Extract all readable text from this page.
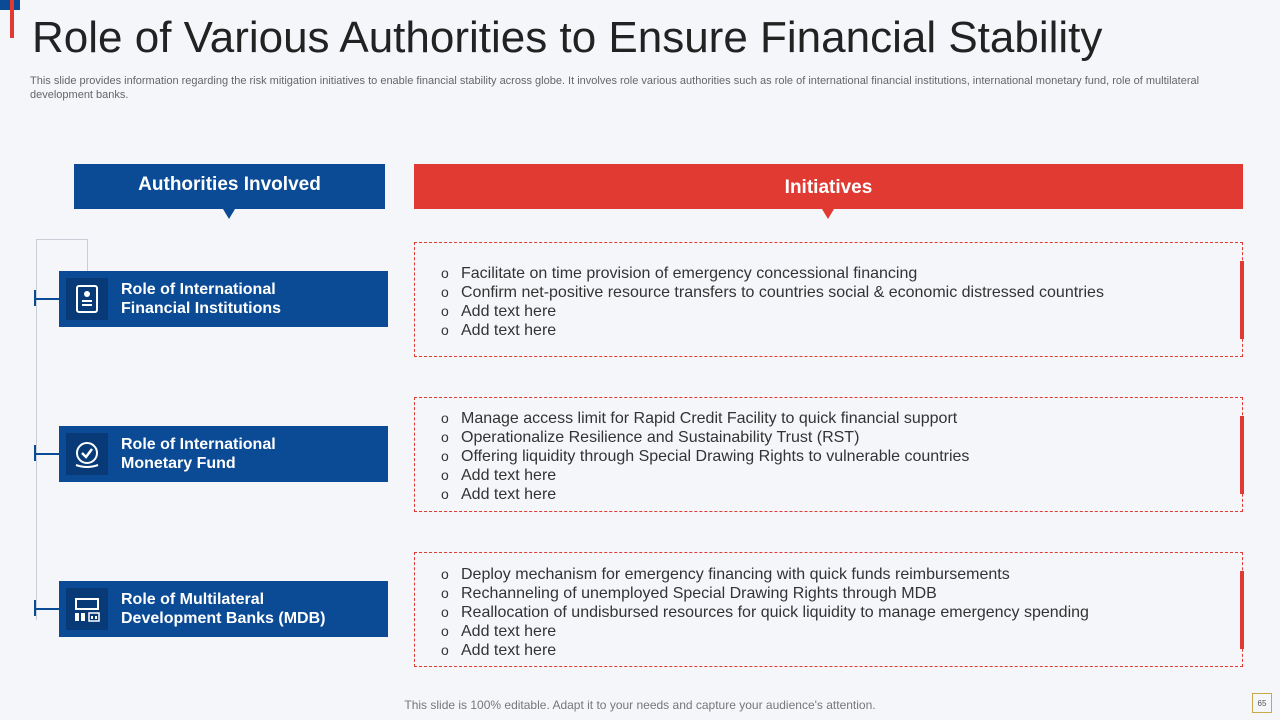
Role of Various Authorities to Ensure Financial Stability
This slide provides information regarding the risk mitigation initiatives to enable financial stability across globe. It involves role various authorities such as role of international financial institutions, international monetary fund, role of multilateral development banks.
Authorities Involved	Initiatives
Role of International
Financial Institutions
Role of International
Monetary Fund
Role of Multilateral
Development Banks (MDB)
o Facilitate on time provision of emergency concessional financing
o Confirm net-positive resource transfers to countries social & economic distressed countries
o Add text here
o Add text here
o Manage access limit for Rapid Credit Facility to quick financial support
o Operationalize Resilience and Sustainability Trust (RST)
o Offering liquidity through Special Drawing Rights to vulnerable countries
o Add text here
o Add text here
o Deploy mechanism for emergency financing with quick funds reimbursements
o Rechanneling of unemployed Special Drawing Rights through MDB
o Reallocation of undisbursed resources for quick liquidity to manage emergency spending
o Add text here
o Add text here
This slide is 100% editable. Adapt it to your needs and capture your audience's attention.	65
